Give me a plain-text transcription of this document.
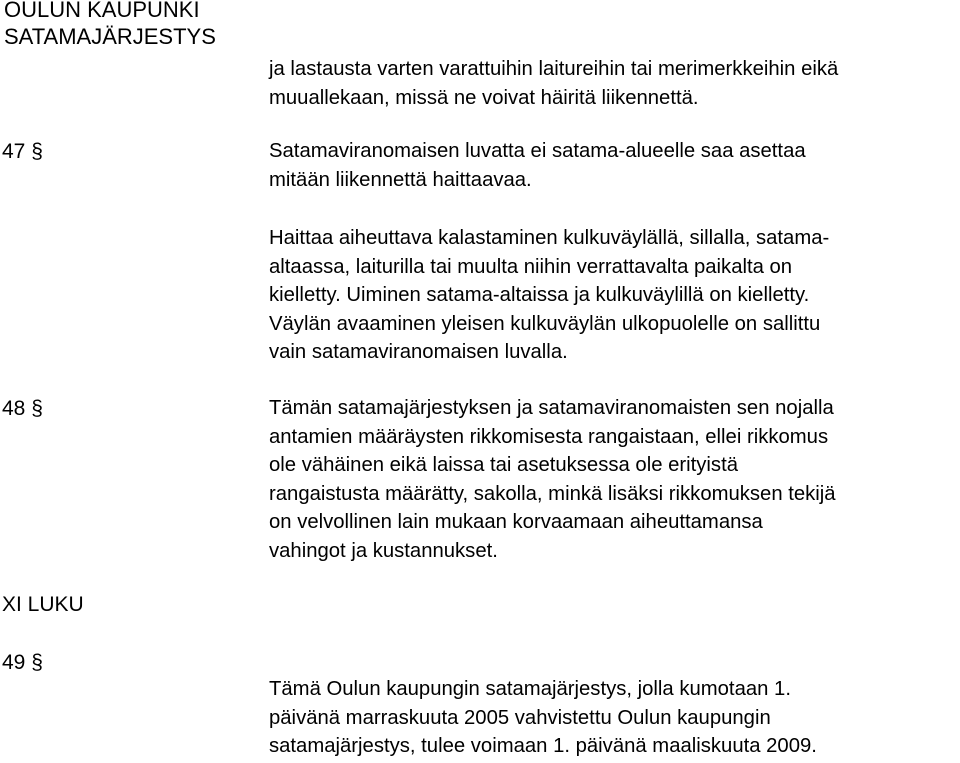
OULUN KAUPUNKI
SATAMAJÄRJESTYS
ja lastausta varten varattuihin laitureihin tai merimerkkeihin eikä
muuallekaan, missä ne voivat häiritä liikennettä.
47 §	Satamaviranomaisen luvatta ei satama-alueelle saa asettaa
mitään liikennettä haittaavaa.
Haittaa aiheuttava kalastaminen kulkuväylällä, sillalla, satama-
altaassa, laiturilla tai muulta niihin verrattavalta paikalta on
kielletty. Uiminen satama-altaissa ja kulkuväylillä on kielletty.
Väylän avaaminen yleisen kulkuväylän ulkopuolelle on sallittu
vain satamaviranomaisen luvalla.
48 §	Tämän satamajärjestyksen ja satamaviranomaisten sen nojalla
antamien määräysten rikkomisesta rangaistaan, ellei rikkomus
ole vähäinen eikä laissa tai asetuksessa ole erityistä
rangaistusta määrätty, sakolla, minkä lisäksi rikkomuksen tekijä
on velvollinen lain mukaan korvaamaan aiheuttamansa
vahingot ja kustannukset.
XI LUKU
49 §
Tämä Oulun kaupungin satamajärjestys, jolla kumotaan 1.
päivänä marraskuuta 2005 vahvistettu Oulun kaupungin
satamajärjestys, tulee voimaan 1. päivänä maaliskuuta 2009.
